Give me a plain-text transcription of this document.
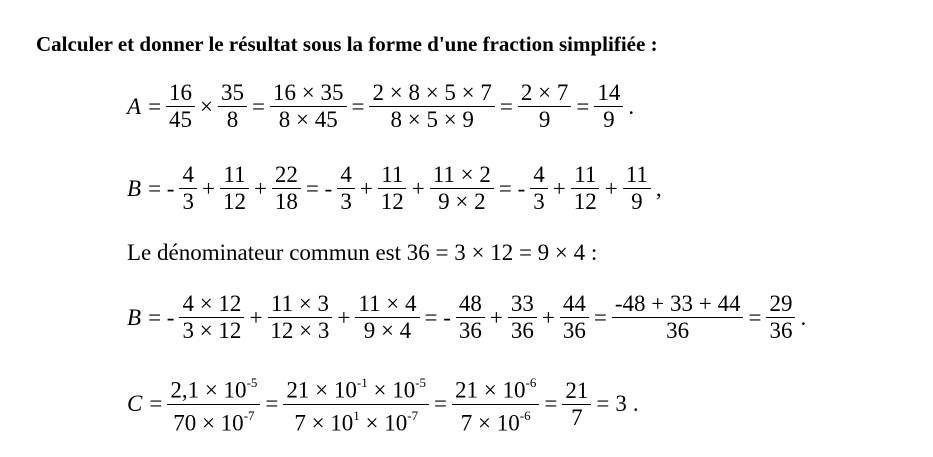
Calculer et donner le résultat sous la forme d'une fraction simplifiée :
$A = \frac{16}{45} \times \frac{35}{8} = \frac{16 \times 35}{8 \times 45} = \frac{2 \times 8 \times 5 \times 7}{8 \times 5 \times 9} = \frac{2 \times 7}{9} = \frac{14}{9}$ .
B = - $\frac{4}{3} + \frac{11}{12} + \frac{22}{18}$ = - $\frac{4}{3} + \frac{11}{12} + \frac{11 \times 2}{9 \times 2}$ = - $\frac{4}{3} + \frac{11}{12} + \frac{11}{9}$ ,
Le dénominateur commun est 36 = 3 × 12 = 9 × 4 :
B = - $\frac{4 \times 12}{3 \times 12} + \frac{11 \times 3}{12 \times 3} + \frac{11 \times 4}{9 \times 4}$ = - $\frac{48}{36} + \frac{33}{36} + \frac{44}{36} = \frac{-48 + 33 + 44}{36} = \frac{29}{36}$ .
$C = \frac{2,1 \times 10^{-5}}{70 \times 10^{-7}} = \frac{21 \times 10^{-1} \times 10^{-5}}{7 \times 10^1 \times 10^{-7}} = \frac{21 \times 10^{-6}}{7 \times 10^{-6}} = \frac{21}{7} = 3$ .
